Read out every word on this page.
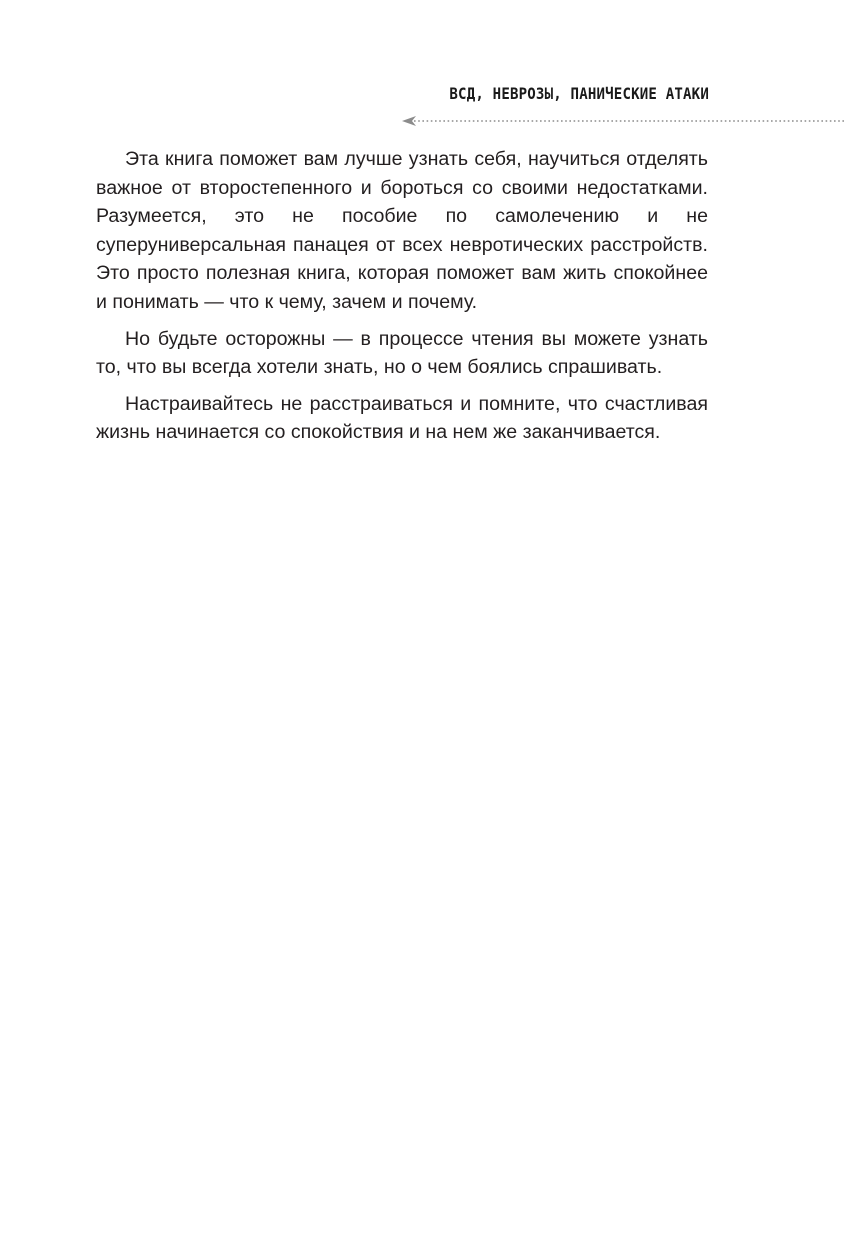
ВСД, НЕВРОЗЫ, ПАНИЧЕСКИЕ АТАКИ

Эта книга поможет вам лучше узнать себя, научиться отделять важное от второстепенного и бороться со своими недостатками. Разумеется, это не пособие по самолечению и не суперуниверсальная панацея от всех невротических расстройств. Это просто полезная книга, которая поможет вам жить спокойнее и понимать — что к чему, зачем и почему.

Но будьте осторожны — в процессе чтения вы можете узнать то, что вы всегда хотели знать, но о чем боялись спрашивать.

Настраивайтесь не расстраиваться и помните, что счастливая жизнь начинается со спокойствия и на нем же заканчивается.
